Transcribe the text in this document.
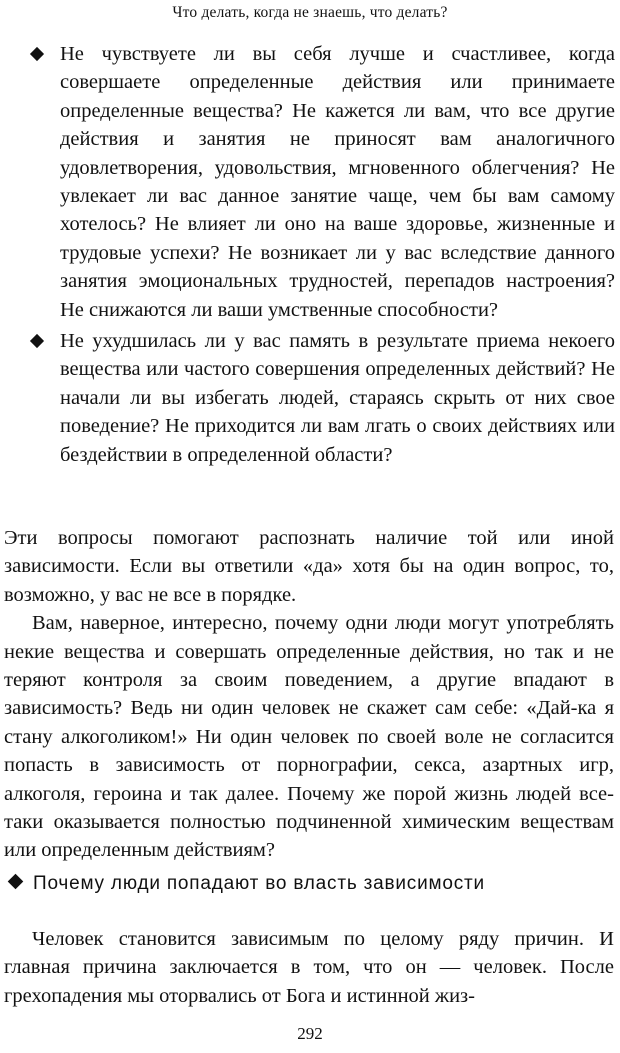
Что делать, когда не знаешь, что делать?
Не чувствуете ли вы себя лучше и счастливее, когда совершаете определенные действия или принимаете определенные вещества? Не кажется ли вам, что все другие действия и занятия не приносят вам аналогичного удовлетворения, удовольствия, мгновенного облегчения? Не увлекает ли вас данное занятие чаще, чем бы вам самому хотелось? Не влияет ли оно на ваше здоровье, жизненные и трудовые успехи? Не возникает ли у вас вследствие данного занятия эмоциональных трудностей, перепадов настроения? Не снижаются ли ваши умственные способности?
Не ухудшилась ли у вас память в результате приема некоего вещества или частого совершения определенных действий? Не начали ли вы избегать людей, стараясь скрыть от них свое поведение? Не приходится ли вам лгать о своих действиях или бездействии в определенной области?

Эти вопросы помогают распознать наличие той или иной зависимости. Если вы ответили «да» хотя бы на один вопрос, то, возможно, у вас не все в порядке.

Вам, наверное, интересно, почему одни люди могут употреблять некие вещества и совершать определенные действия, но так и не теряют контроля за своим поведением, а другие впадают в зависимость? Ведь ни один человек не скажет сам себе: «Дай-ка я стану алкоголиком!» Ни один человек по своей воле не согласится попасть в зависимость от порнографии, секса, азартных игр, алкоголя, героина и так далее. Почему же порой жизнь людей все-таки оказывается полностью подчиненной химическим веществам или определенным действиям?

Почему люди попадают во власть зависимости

Человек становится зависимым по целому ряду причин. И главная причина заключается в том, что он — человек. После грехопадения мы оторвались от Бога и истинной жиз-

292
